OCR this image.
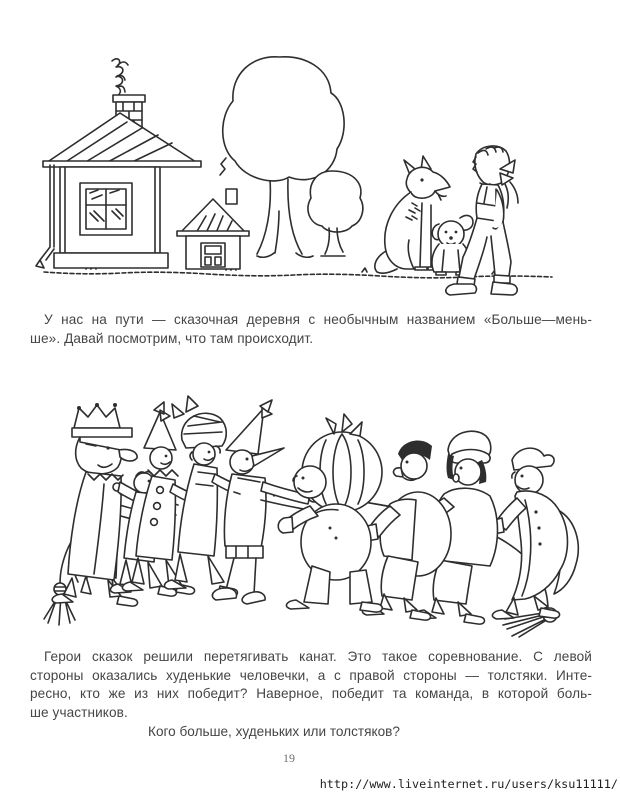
У нас на пути — сказочная деревня с необычным названием «Больше—мень-
ше». Давай посмотрим, что там происходит.
Герои сказок решили перетягивать канат. Это такое соревнование. С левой
стороны оказались худенькие человечки, а с правой стороны — толстяки. Инте-
ресно, кто же из них победит? Наверное, победит та команда, в которой боль-
ше участников.
Кого больше, худеньких или толстяков?
19
http://www.liveinternet.ru/users/ksu11111/
